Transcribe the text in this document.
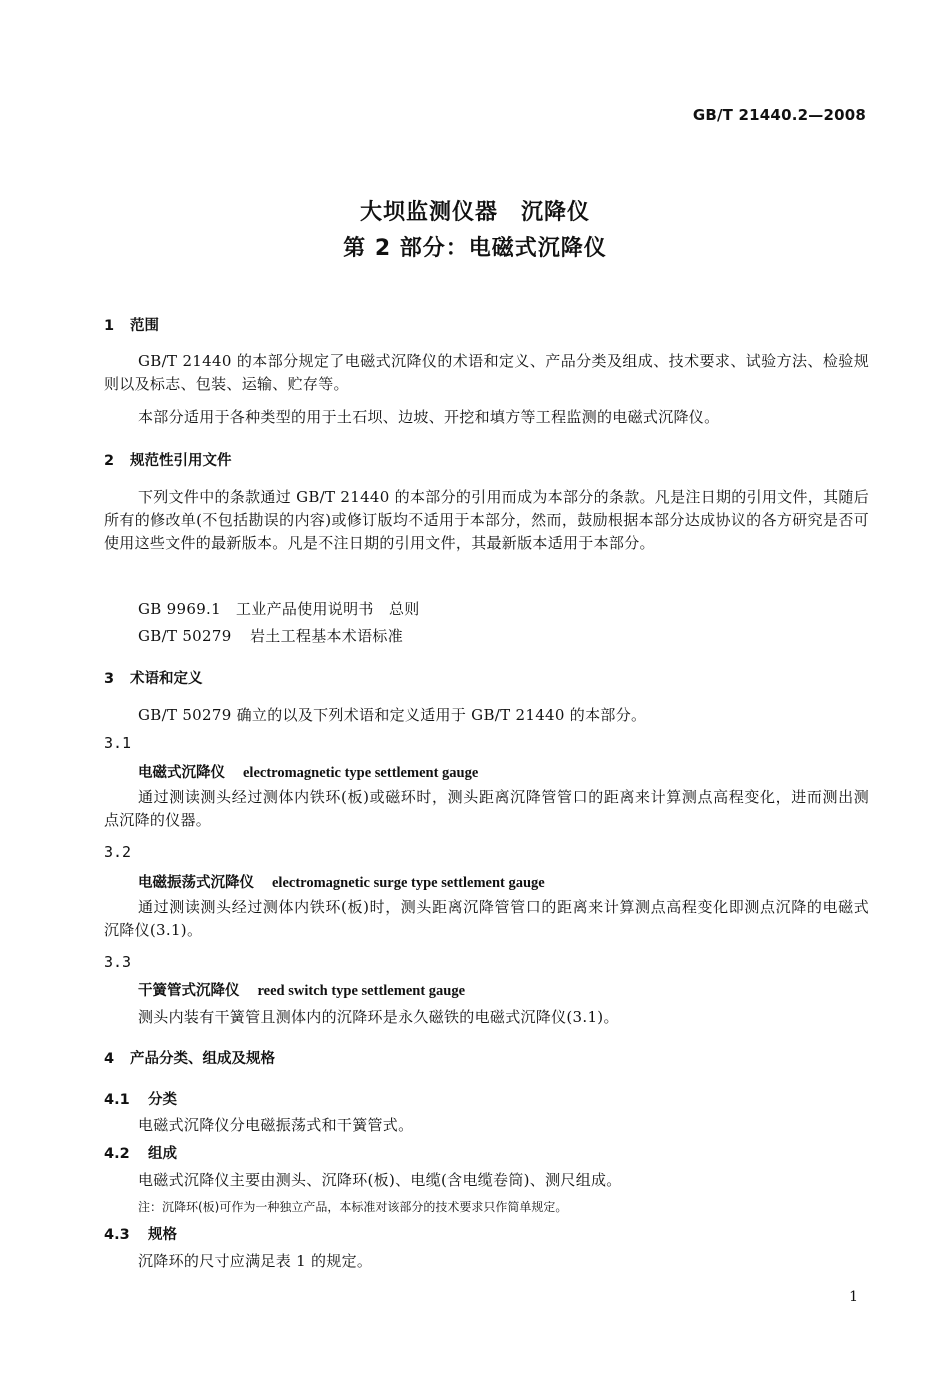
GB/T 21440.2—2008
大坝监测仪器　沉降仪
第 2 部分：电磁式沉降仪
1 范围
GB/T 21440 的本部分规定了电磁式沉降仪的术语和定义、产品分类及组成、技术要求、试验方法、检验规则以及标志、包装、运输、贮存等。
本部分适用于各种类型的用于土石坝、边坡、开挖和填方等工程监测的电磁式沉降仪。
2 规范性引用文件
下列文件中的条款通过 GB/T 21440 的本部分的引用而成为本部分的条款。凡是注日期的引用文件，其随后所有的修改单(不包括勘误的内容)或修订版均不适用于本部分，然而，鼓励根据本部分达成协议的各方研究是否可使用这些文件的最新版本。凡是不注日期的引用文件，其最新版本适用于本部分。
GB 9969.1 工业产品使用说明书　总则
GB/T 50279 岩土工程基本术语标准
3 术语和定义
GB/T 50279 确立的以及下列术语和定义适用于 GB/T 21440 的本部分。
3.1
电磁式沉降仪 electromagnetic type settlement gauge
通过测读测头经过测体内铁环(板)或磁环时，测头距离沉降管管口的距离来计算测点高程变化，进而测出测点沉降的仪器。
3.2
电磁振荡式沉降仪 electromagnetic surge type settlement gauge
通过测读测头经过测体内铁环(板)时，测头距离沉降管管口的距离来计算测点高程变化即测点沉降的电磁式沉降仪(3.1)。
3.3
干簧管式沉降仪 reed switch type settlement gauge
测头内装有干簧管且测体内的沉降环是永久磁铁的电磁式沉降仪(3.1)。
4 产品分类、组成及规格
4.1 分类
电磁式沉降仪分电磁振荡式和干簧管式。
4.2 组成
电磁式沉降仪主要由测头、沉降环(板)、电缆(含电缆卷筒)、测尺组成。
注：沉降环(板)可作为一种独立产品，本标准对该部分的技术要求只作简单规定。
4.3 规格
沉降环的尺寸应满足表 1 的规定。
1
